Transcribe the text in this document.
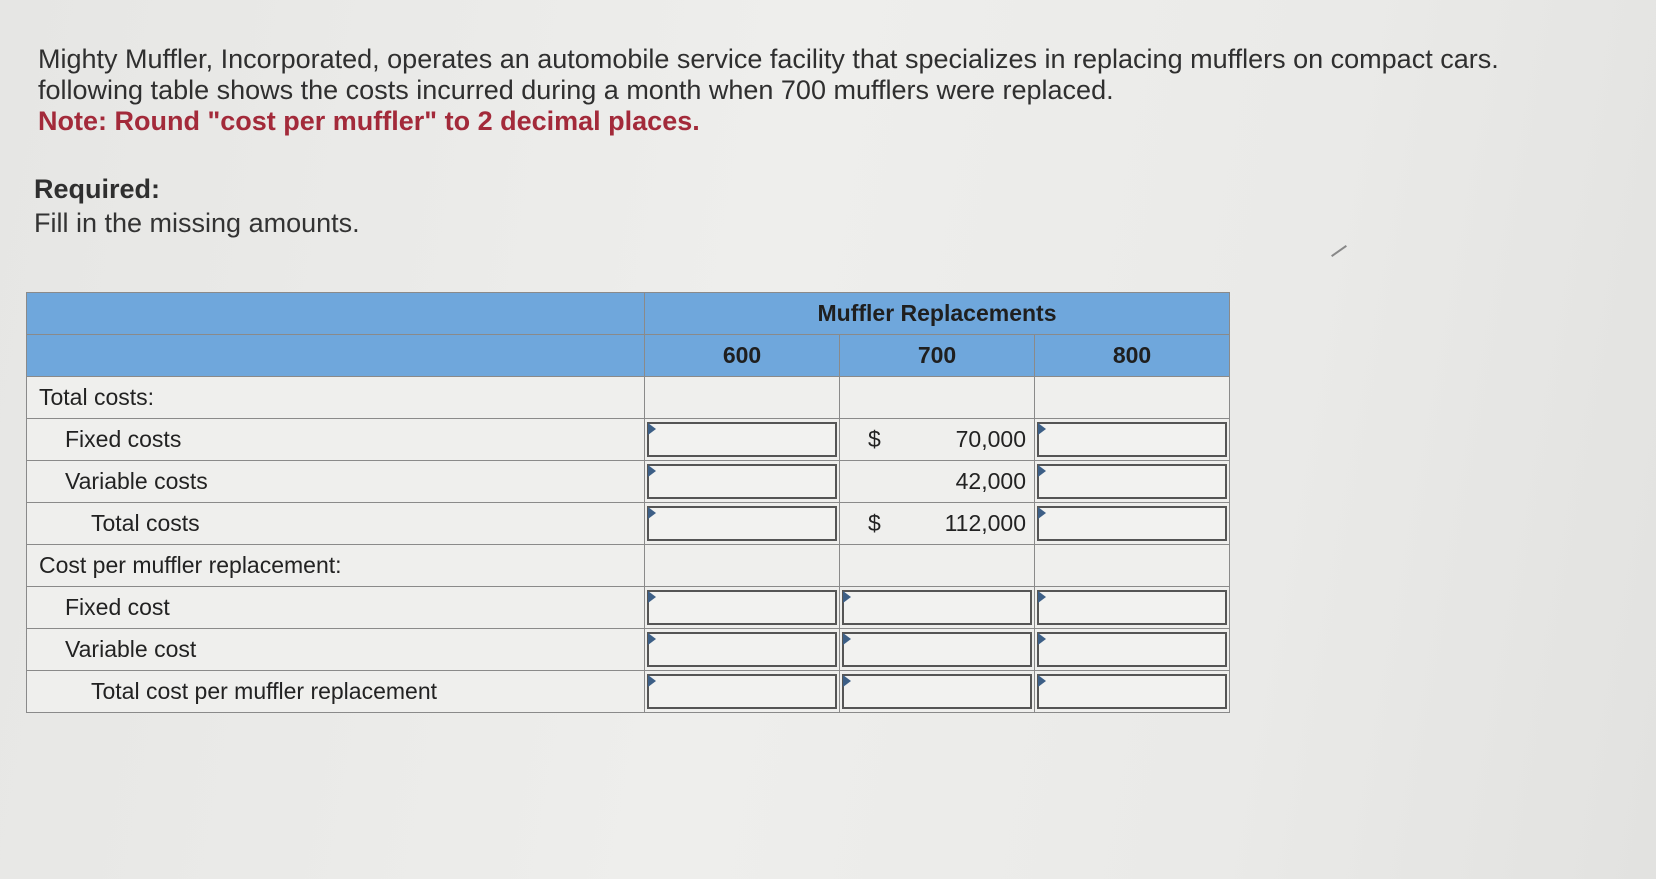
Mighty Muffler, Incorporated, operates an automobile service facility that specializes in replacing mufflers on compact cars.

following table shows the costs incurred during a month when 700 mufflers were replaced.

Note: Round "cost per muffler" to 2 decimal places.

Required:
Fill in the missing amounts.
	Muffler Replacements		
	600	700	800
Total costs:			
Fixed costs		$ 70,000	

Variable costs		42,000	

Total costs		$ 112,000	

Cost per muffler replacement:			
Fixed cost	

Variable cost	

Total cost per muffler replacement	
